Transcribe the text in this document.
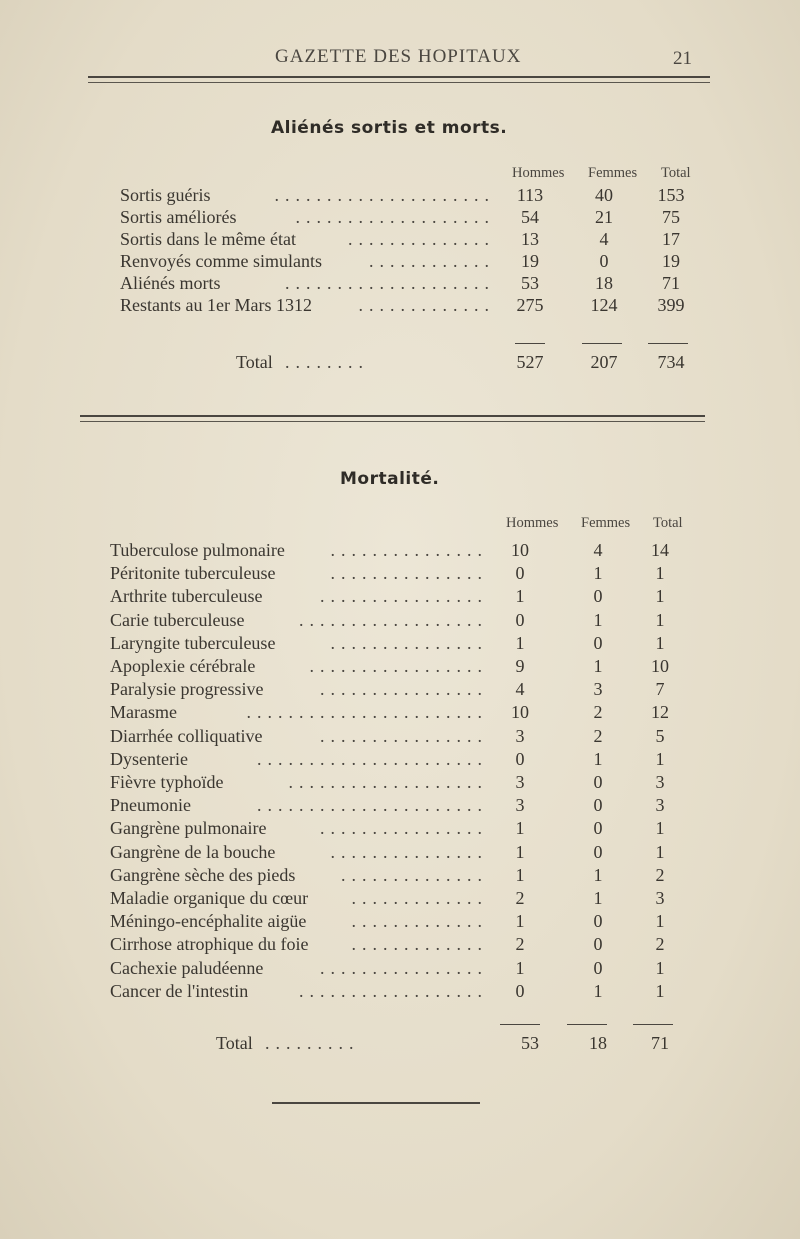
GAZETTE DES HOPITAUX	21
Aliénés sortis et morts.
Hommes Femmes Total
Sortis guéris	.....................	113	40	153
Sortis améliorés	...................	54	21	75
Sortis dans le même état	..............	13	4	17
Renvoyés comme simulants	............	19	0	19
Aliénés morts	....................	53	18	71
Restants au 1er Mars 1312	.............	275	124	399
Total ........	527	207	734
Mortalité.
Hommes Femmes Total
Tuberculose pulmonaire	...............	10	4	14
Péritonite tuberculeuse	...............	0	1	1
Arthrite tuberculeuse	................	1	0	1
Carie tuberculeuse	..................	0	1	1
Laryngite tuberculeuse	...............	1	0	1
Apoplexie cérébrale	.................	9	1	10
Paralysie progressive	................	4	3	7
Marasme	.......................	10	2	12
Diarrhée colliquative	................	3	2	5
Dysenterie	......................	0	1	1
Fièvre typhoïde	...................	3	0	3
Pneumonie	......................	3	0	3
Gangrène pulmonaire	................	1	0	1
Gangrène de la bouche	...............	1	0	1
Gangrène sèche des pieds	..............	1	1	2
Maladie organique du cœur .............	2	1	3
Méningo-encéphalite aigüe	.............	1	0	1
Cirrhose atrophique du foie .............	2	0	2
Cachexie paludéenne	................	1	0	1
Cancer de l'intestin	..................	0	1	1
Total .........	53	18	71
